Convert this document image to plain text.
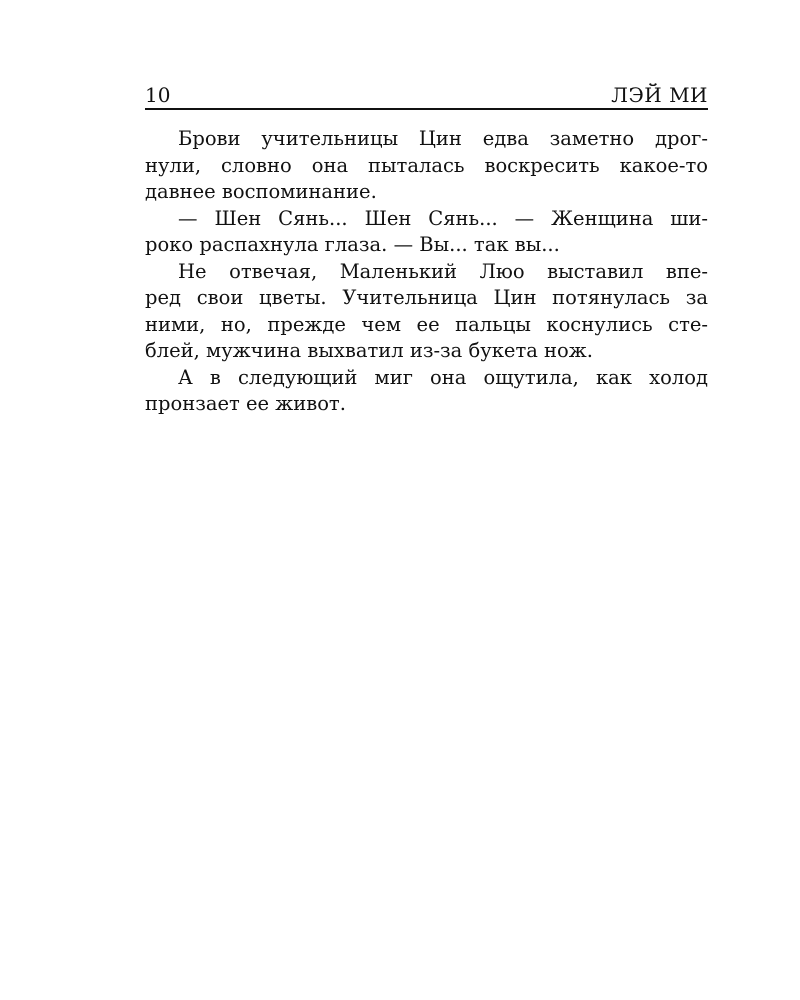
10	ЛЭЙ МИ
Брови учительницы Цин едва заметно дрог-
нули, словно она пыталась воскресить какое-то
давнее воспоминание.
— Шен Сянь... Шен Сянь... — Женщина ши-
роко распахнула глаза. — Вы... так вы...
Не отвечая, Маленький Люо выставил впе-
ред свои цветы. Учительница Цин потянулась за
ними, но, прежде чем ее пальцы коснулись сте-
блей, мужчина выхватил из-за букета нож.
А в следующий миг она ощутила, как холод
пронзает ее живот.
